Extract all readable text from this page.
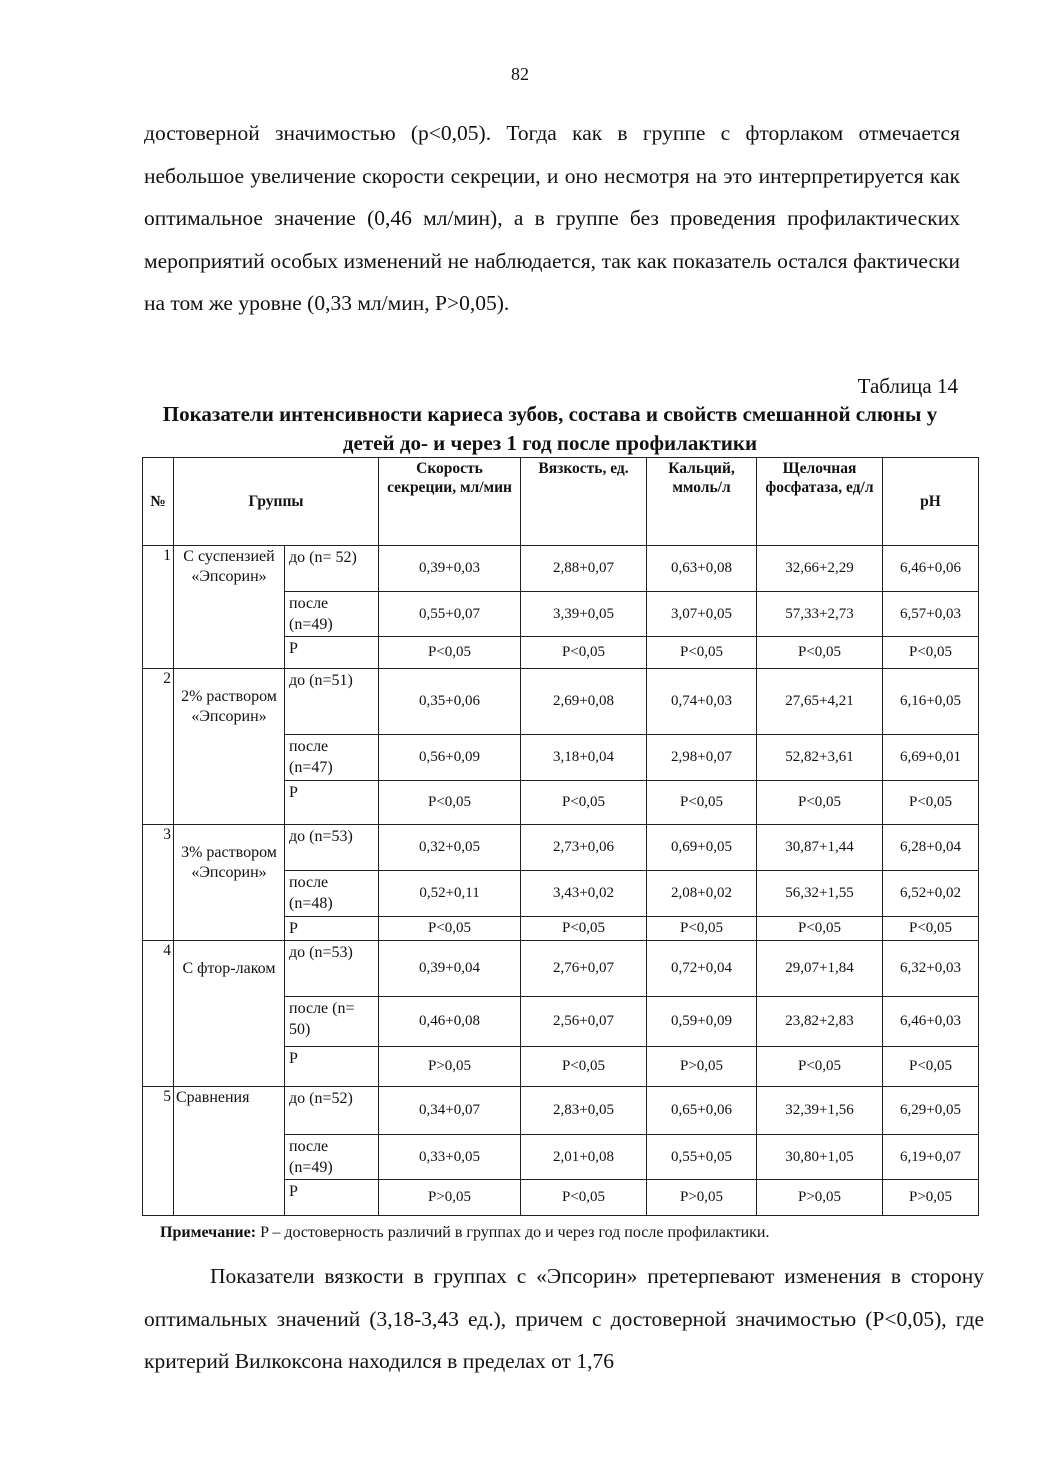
82
достоверной значимостью (p<0,05). Тогда как в группе с фторлаком отмечается небольшое увеличение скорости секреции, и оно несмотря на это интерпретируется как оптимальное значение (0,46 мл/мин), а в группе без проведения профилактических мероприятий особых изменений не наблюдается, так как показатель остался фактически на том же уровне (0,33 мл/мин, P>0,05).
Таблица 14
Показатели интенсивности кариеса зубов, состава и свойств смешанной слюны у детей до- и через 1 год после профилактики
№	Группы		Скорость секреции, мл/мин	Вязкость, ед.	Кальций, ммоль/л	Щелочная фосфатаза, ед/л	pH
1	С суспензией «Эпсорин»	до (n= 52)	0,39+0,03	2,88+0,07	0,63+0,08	32,66+2,29	6,46+0,06
		после (n=49)	0,55+0,07	3,39+0,05	3,07+0,05	57,33+2,73	6,57+0,03
		P	P<0,05	P<0,05	P<0,05	P<0,05	P<0,05
2	2% раствором «Эпсорин»	до (n=51)	0,35+0,06	2,69+0,08	0,74+0,03	27,65+4,21	6,16+0,05
		после (n=47)	0,56+0,09	3,18+0,04	2,98+0,07	52,82+3,61	6,69+0,01
		P	P<0,05	P<0,05	P<0,05	P<0,05	P<0,05
3	3% раствором «Эпсорин»	до (n=53)	0,32+0,05	2,73+0,06	0,69+0,05	30,87+1,44	6,28+0,04
		после (n=48)	0,52+0,11	3,43+0,02	2,08+0,02	56,32+1,55	6,52+0,02
		P	P<0,05	P<0,05	P<0,05	P<0,05	P<0,05
4	С фтор-лаком	до (n=53)	0,39+0,04	2,76+0,07	0,72+0,04	29,07+1,84	6,32+0,03
		после (n= 50)	0,46+0,08	2,56+0,07	0,59+0,09	23,82+2,83	6,46+0,03
		P	P>0,05	P<0,05	P>0,05	P<0,05	P<0,05
5	Сравнения	до (n=52)	0,34+0,07	2,83+0,05	0,65+0,06	32,39+1,56	6,29+0,05
		после (n=49)	0,33+0,05	2,01+0,08	0,55+0,05	30,80+1,05	6,19+0,07
		P	P>0,05	P<0,05	P>0,05	P>0,05	P>0,05
Примечание: P – достоверность различий в группах до и через год после профилактики.
Показатели вязкости в группах с «Эпсорин» претерпевают изменения в сторону оптимальных значений (3,18-3,43 ед.), причем с достоверной значимостью (P<0,05), где критерий Вилкоксона находился в пределах от 1,76
